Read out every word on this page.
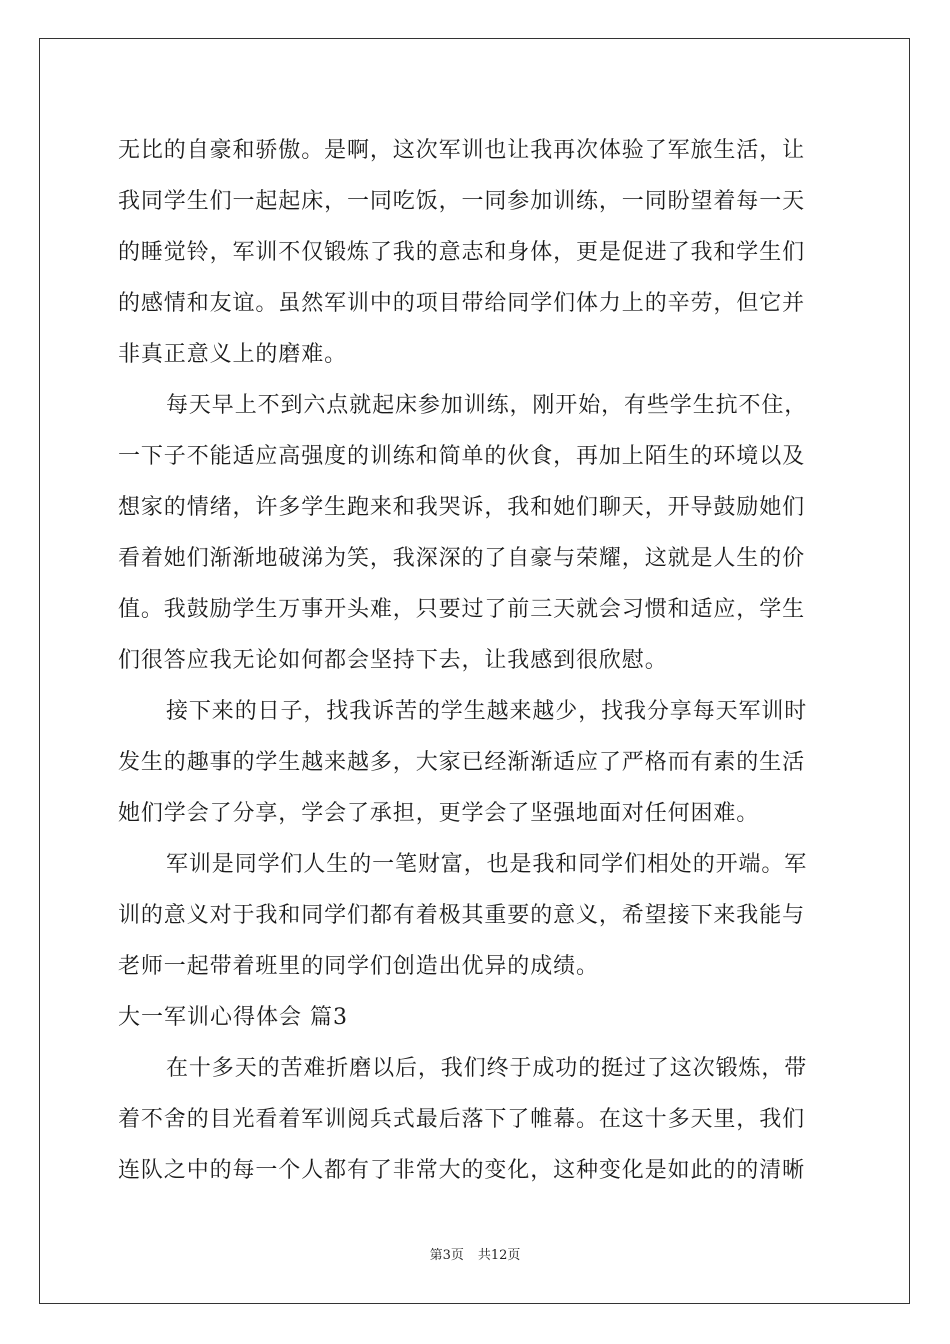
无比的自豪和骄傲。是啊，这次军训也让我再次体验了军旅生活，让
我同学生们一起起床，一同吃饭，一同参加训练，一同盼望着每一天
的睡觉铃，军训不仅锻炼了我的意志和身体，更是促进了我和学生们
的感情和友谊。虽然军训中的项目带给同学们体力上的辛劳，但它并
非真正意义上的磨难。
每天早上不到六点就起床参加训练，刚开始，有些学生抗不住，
一下子不能适应高强度的训练和简单的伙食，再加上陌生的环境以及
想家的情绪，许多学生跑来和我哭诉，我和她们聊天，开导鼓励她们
看着她们渐渐地破涕为笑，我深深的了自豪与荣耀，这就是人生的价
值。我鼓励学生万事开头难，只要过了前三天就会习惯和适应，学生
们很答应我无论如何都会坚持下去，让我感到很欣慰。
接下来的日子，找我诉苦的学生越来越少，找我分享每天军训时
发生的趣事的学生越来越多，大家已经渐渐适应了严格而有素的生活
她们学会了分享，学会了承担，更学会了坚强地面对任何困难。
军训是同学们人生的一笔财富，也是我和同学们相处的开端。军
训的意义对于我和同学们都有着极其重要的意义，希望接下来我能与
老师一起带着班里的同学们创造出优异的成绩。
大一军训心得体会 篇3
在十多天的苦难折磨以后，我们终于成功的挺过了这次锻炼，带
着不舍的目光看着军训阅兵式最后落下了帷幕。在这十多天里，我们
连队之中的每一个人都有了非常大的变化，这种变化是如此的的清晰
第3页 共12页
